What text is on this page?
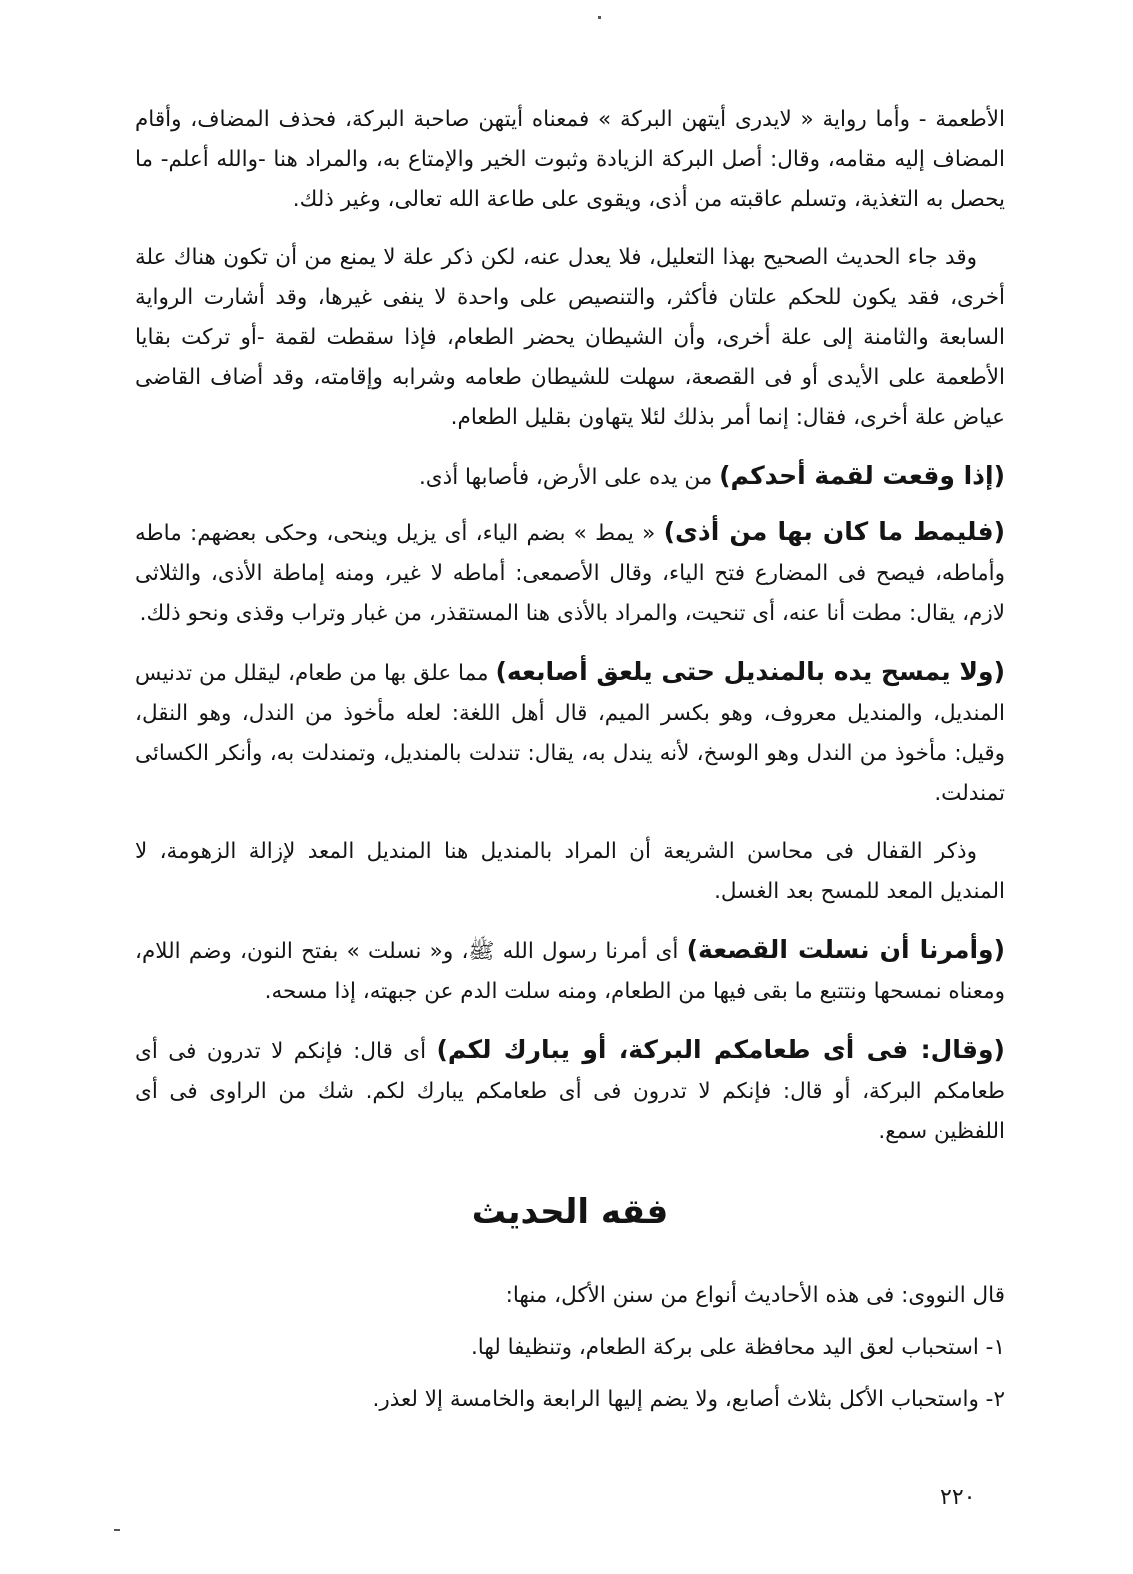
الأطعمة - وأما رواية « لايدرى أيتهن البركة » فمعناه أيتهن صاحبة البركة، فحذف المضاف، وأقام المضاف إليه مقامه، وقال: أصل البركة الزيادة وثبوت الخير والإمتاع به، والمراد هنا -والله أعلم- ما يحصل به التغذية، وتسلم عاقبته من أذى، ويقوى على طاعة الله تعالى، وغير ذلك.

وقد جاء الحديث الصحيح بهذا التعليل، فلا يعدل عنه، لكن ذكر علة لا يمنع من أن تكون هناك علة أخرى، فقد يكون للحكم علتان فأكثر، والتنصيص على واحدة لا ينفى غيرها، وقد أشارت الرواية السابعة والثامنة إلى علة أخرى، وأن الشيطان يحضر الطعام، فإذا سقطت لقمة -أو تركت بقايا الأطعمة على الأيدى أو فى القصعة، سهلت للشيطان طعامه وشرابه وإقامته، وقد أضاف القاضى عياض علة أخرى، فقال: إنما أمر بذلك لئلا يتهاون بقليل الطعام.

(إذا وقعت لقمة أحدكم) من يده على الأرض، فأصابها أذى.

(فليمط ما كان بها من أذى) « يمط » بضم الياء، أى يزيل وينحى، وحكى بعضهم: ماطه وأماطه، فيصح فى المضارع فتح الياء، وقال الأصمعى: أماطه لا غير، ومنه إماطة الأذى، والثلاثى لازم، يقال: مطت أنا عنه، أى تنحيت، والمراد بالأذى هنا المستقذر، من غبار وتراب وقذى ونحو ذلك.

(ولا يمسح يده بالمنديل حتى يلعق أصابعه) مما علق بها من طعام، ليقلل من تدنيس المنديل، والمنديل معروف، وهو بكسر الميم، قال أهل اللغة: لعله مأخوذ من الندل، وهو النقل، وقيل: مأخوذ من الندل وهو الوسخ، لأنه يندل به، يقال: تندلت بالمنديل، وتمندلت به، وأنكر الكسائى تمندلت.

وذكر القفال فى محاسن الشريعة أن المراد بالمنديل هنا المنديل المعد لإزالة الزهومة، لا المنديل المعد للمسح بعد الغسل.

(وأمرنا أن نسلت القصعة) أى أمرنا رسول الله ﷺ، و« نسلت » بفتح النون، وضم اللام، ومعناه نمسحها ونتتبع ما بقى فيها من الطعام، ومنه سلت الدم عن جبهته، إذا مسحه.

(وقال: فى أى طعامكم البركة، أو يبارك لكم) أى قال: فإنكم لا تدرون فى أى طعامكم البركة، أو قال: فإنكم لا تدرون فى أى طعامكم يبارك لكم. شك من الراوى فى أى اللفظين سمع.

فقه الحديث

قال النووى: فى هذه الأحاديث أنواع من سنن الأكل، منها:

١- استحباب لعق اليد محافظة على بركة الطعام، وتنظيفا لها.

٢- واستحباب الأكل بثلاث أصابع، ولا يضم إليها الرابعة والخامسة إلا لعذر.

٢٢٠
